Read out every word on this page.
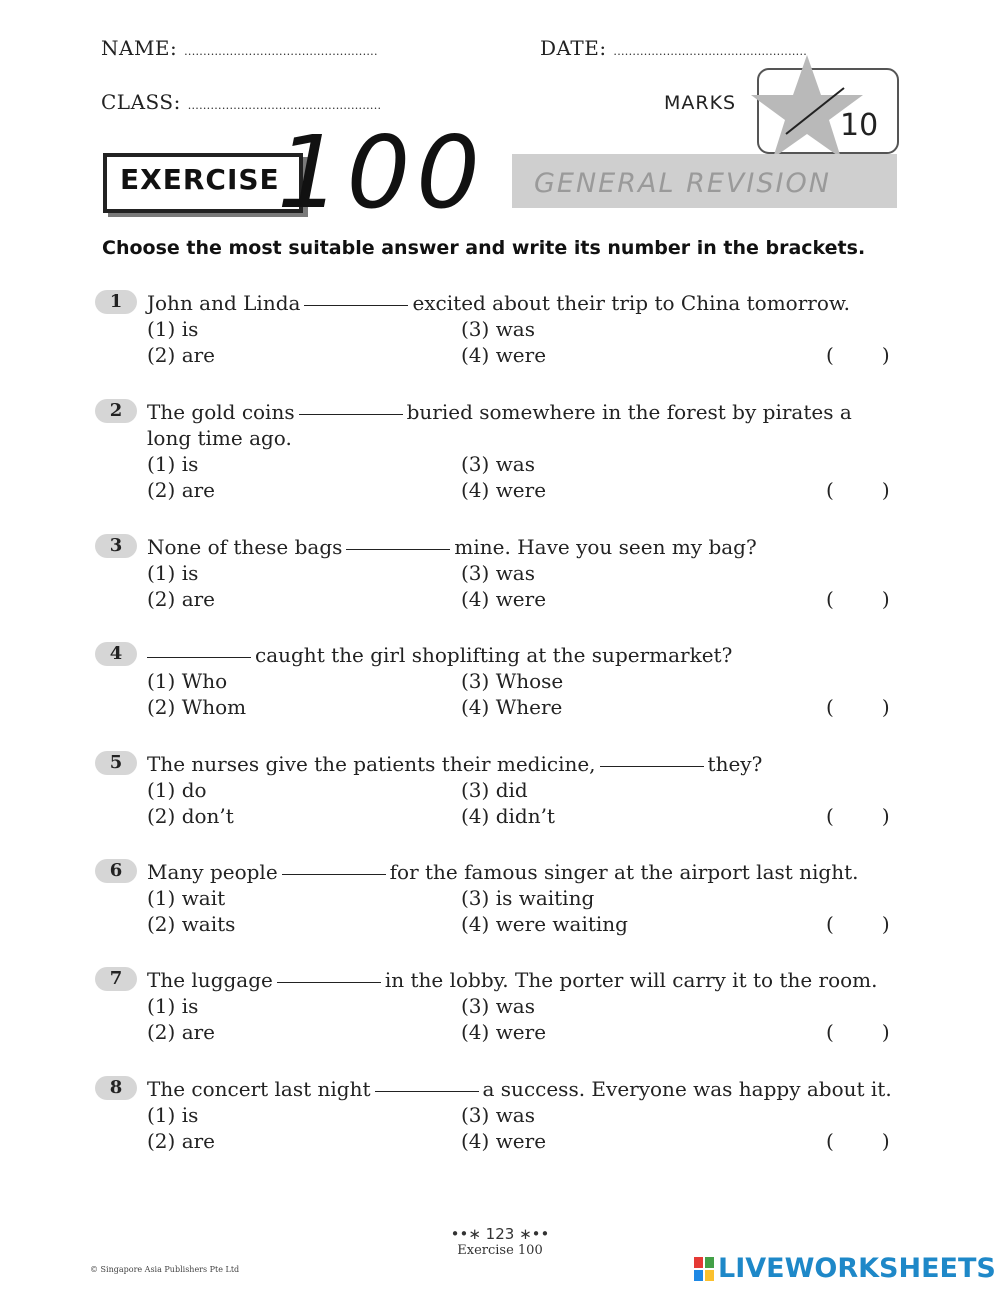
NAME: ...................................................	DATE: ...................................................
CLASS: ...................................................	MARKS
10
EXERCISE
100 GENERAL REVISION
Choose the most suitable answer and write its number in the brackets.
1	John and Linda	excited about their trip to China tomorrow.
(1) is
(2) are
(3) was
(4) were	( )
2	The gold coins	buried somewhere in the forest by pirates a long time ago.
(1) is
(2) are
(3) was
(4) were	( )
3	None of these bags	mine. Have you seen my bag?
(1) is
(2) are
(3) was
(4) were	( )
4	caught the girl shoplifting at the supermarket?
(1) Who
(2) Whom
(3) Whose
(4) Where	( )
5	The nurses give the patients their medicine,	they?
(1) do
(2) don’t
(3) did
(4) didn’t	( )
6	Many people	for the famous singer at the airport last night.
(1) wait
(2) waits
(3) is waiting
(4) were waiting	( )
7	The luggage	in the lobby. The porter will carry it to the room.
(1) is
(2) are
(3) was
(4) were	( )
8	The concert last night	a success. Everyone was happy about it.
(1) is
(2) are
(3) was
(4) were	( )
••∗ 123 ∗••
Exercise 100
© Singapore Asia Publishers Pte Ltd	LIVEWORKSHEETS
